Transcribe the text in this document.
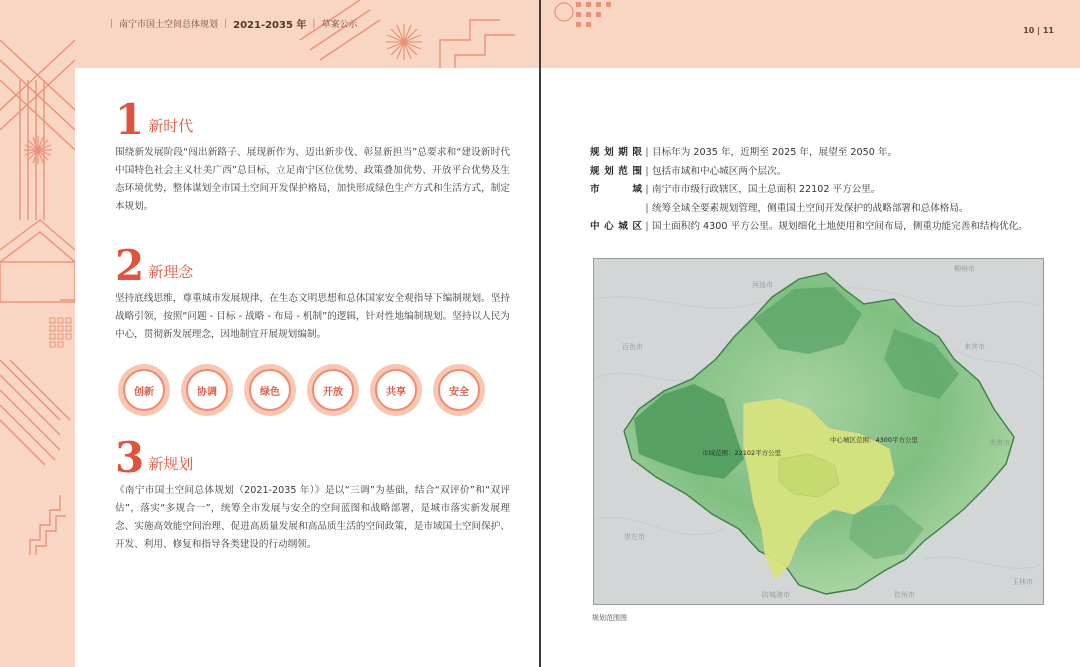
| 南宁市国土空间总体规划 | 2021-2035 年 | 草案公示
10 | 11
1 新时代

围绕新发展阶段“闯出新路子、展现新作为、迈出新步伐、彰显新担当”总要求和“建设新时代中国特色社会主义壮美广西”总目标，立足南宁区位优势、政策叠加优势、开放平台优势及生态环境优势，整体谋划全市国土空间开发保护格局，加快形成绿色生产方式和生活方式，制定本规划。

2 新理念

坚持底线思维，尊重城市发展规律，在生态文明思想和总体国家安全观指导下编制规划。坚持战略引领，按照“问题 - 目标 - 战略 - 布局 - 机制”的逻辑，针对性地编制规划。坚持以人民为中心，贯彻新发展理念，因地制宜开展规划编制。

创新	协调	绿色	开放	共享	安全
3 新规划

《南宁市国土空间总体规划（2021-2035 年）》是以“三调”为基础，结合“双评价”和“双评估”，落实“多规合一”，统筹全市发展与安全的空间蓝图和战略部署，是城市落实新发展理念、实施高效能空间治理、促进高质量发展和高品质生活的空间政策，是市域国土空间保护、开发、利用、修复和指导各类建设的行动纲领。

规划期限 | 目标年为 2035 年，近期至 2025 年，展望至 2050 年。
规划范围 | 包括市域和中心城区两个层次。
市域 | 南宁市市级行政辖区，国土总面积 22102 平方公里。
| 统筹全域全要素规划管理，侧重国土空间开发保护的战略部署和总体格局。
中心城区 | 国土面积约 4300 平方公里。规划细化土地使用和空间布局，侧重功能完善和结构优化。
中心城区范围：4300平方公里
市域范围：22102平方公里
河池市
柳州市
百色市	来宾市
贵港市
崇左市
防城港市	钦州市
玉林市
规划范围图
